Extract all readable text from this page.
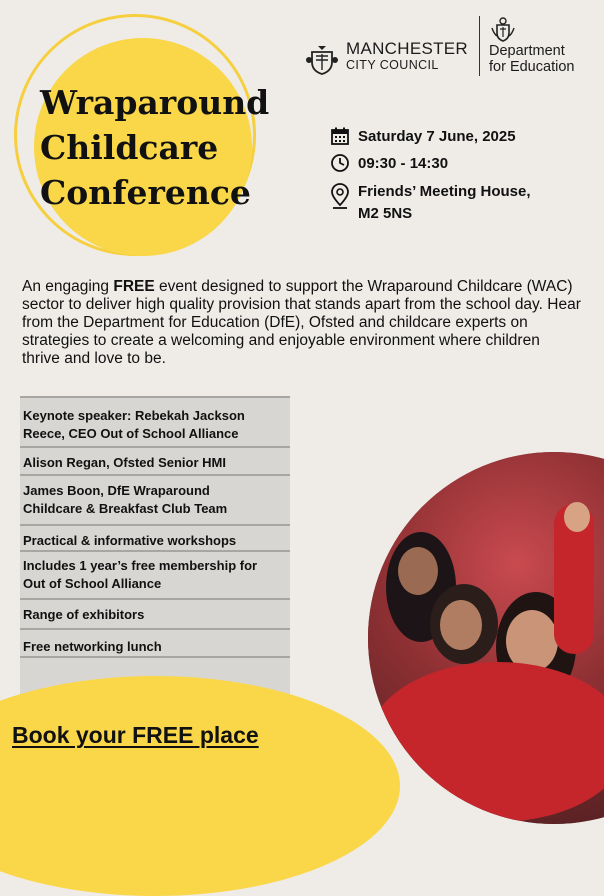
Wraparound
Childcare
Conference
MANCHESTER
CITY COUNCIL
Department
for Education
Saturday 7 June, 2025
09:30 - 14:30
Friends’ Meeting House,
M2 5NS

An engaging FREE event designed to support the Wraparound Childcare (WAC) sector to deliver high quality provision that stands apart from the school day. Hear from the Department for Education (DfE), Ofsted and childcare experts on strategies to create a welcoming and enjoyable environment where children thrive and love to be.

Keynote speaker: Rebekah Jackson
Reece, CEO Out of School Alliance
Alison Regan, Ofsted Senior HMI
James Boon, DfE Wraparound
Childcare & Breakfast Club Team
Practical & informative workshops
Includes 1 year’s free membership for
Out of School Alliance
Range of exhibitors
Free networking lunch
Book your FREE place
